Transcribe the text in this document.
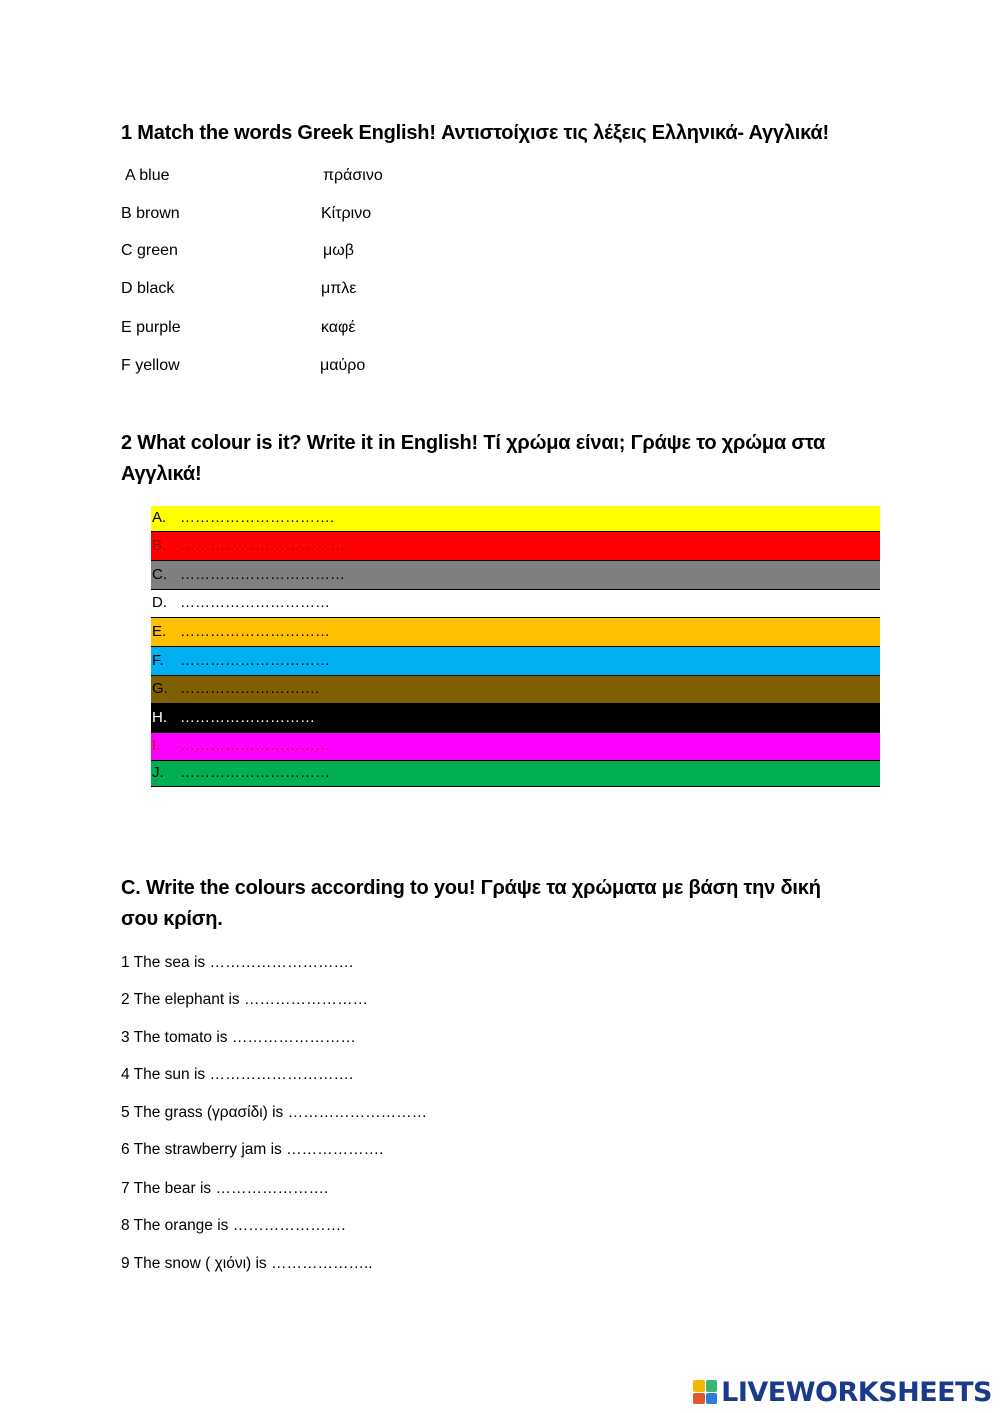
1 Match the words Greek English! Αντιστοίχισε τις λέξεις Ελληνικά- Αγγλικά!
A blue	πράσινο
B brown	Κίτρινο
C green	μωβ
D black	μπλε
E purple	καφέ
F yellow	μαύρο
2 What colour is it? Write it in English! Τί χρώμα είναι; Γράψε το χρώμα στα
Αγγλικά!
A. ………………………….
B. ……………………………
C. ……………………………
D. …………………………
E. …………………………
F. …………………………
G. ……………………….
H. ………………………
I. …………………………
J. …………………………
C. Write the colours according to you! Γράψε τα χρώματα με βάση την δική
σου κρίση.
1 The sea is ……………………….
2 The elephant is ……………………
3 The tomato is ……………………
4 The sun is ……………………….
5 The grass (γρασίδι) is ………………………
6 The strawberry jam is ……………….
7 The bear is ………………….
8 The orange is ………………….
9 The snow ( χιόνι) is ………………..
LIVEWORKSHEETS
